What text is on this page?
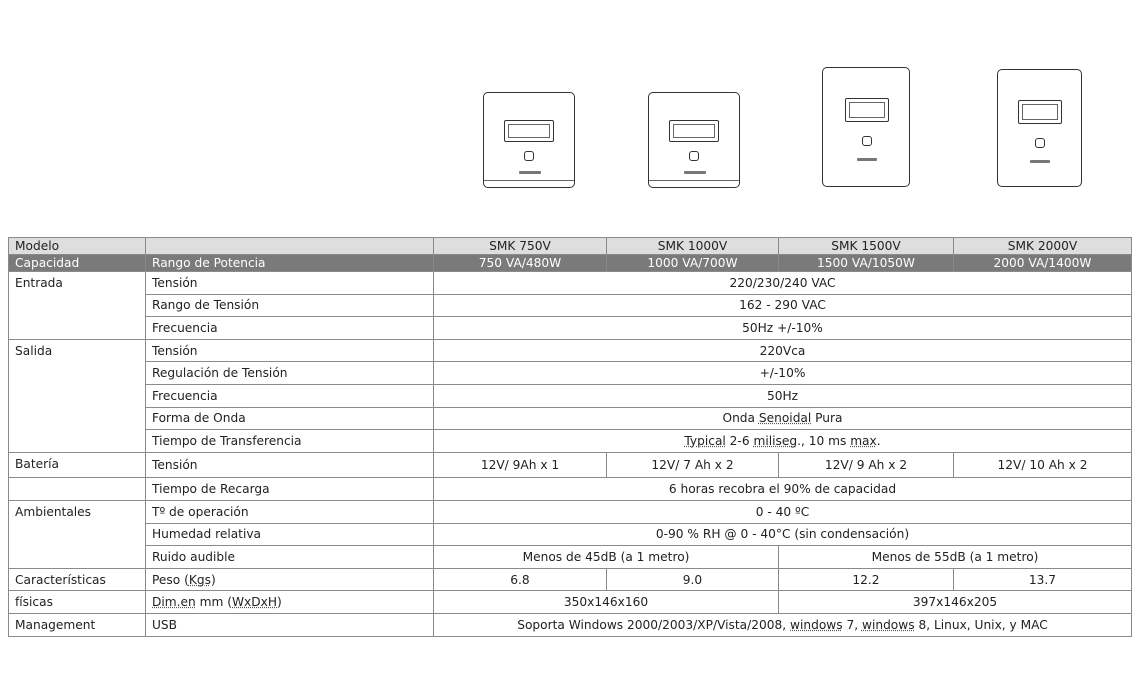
Modelo		SMK 750V	SMK 1000V	SMK 1500V	SMK 2000V
Capacidad	Rango de Potencia	750 VA/480W	1000 VA/700W	1500 VA/1050W	2000 VA/1400W
Entrada	Tensión	220/230/240 VAC			
	Rango de Tensión	162 - 290 VAC			
	Frecuencia	50Hz +/-10%			
Salida	Tensión	220Vca			
	Regulación de Tensión	+/-10%			
	Frecuencia	50Hz			
	Forma de Onda	Onda Senoidal Pura			
	Tiempo de Transferencia	Typical 2-6 miliseg., 10 ms max.			
Batería	Tensión	12V/ 9Ah x 1	12V/ 7 Ah x 2	12V/ 9 Ah x 2	12V/ 10 Ah x 2
	Tiempo de Recarga	6 horas recobra el 90% de capacidad			
Ambientales	Tº de operación	0 - 40 ºC			
	Humedad relativa	0-90 % RH @ 0 - 40°C (sin condensación)			
	Ruido audible	Menos de 45dB (a 1 metro)		Menos de 55dB (a 1 metro)	
Características	Peso (Kgs)	6.8	9.0	12.2	13.7
físicas	Dim.en mm (WxDxH)	350x146x160		397x146x205	
Management	USB	Soporta Windows 2000/2003/XP/Vista/2008, windows 7, windows 8, Linux, Unix, y MAC			
